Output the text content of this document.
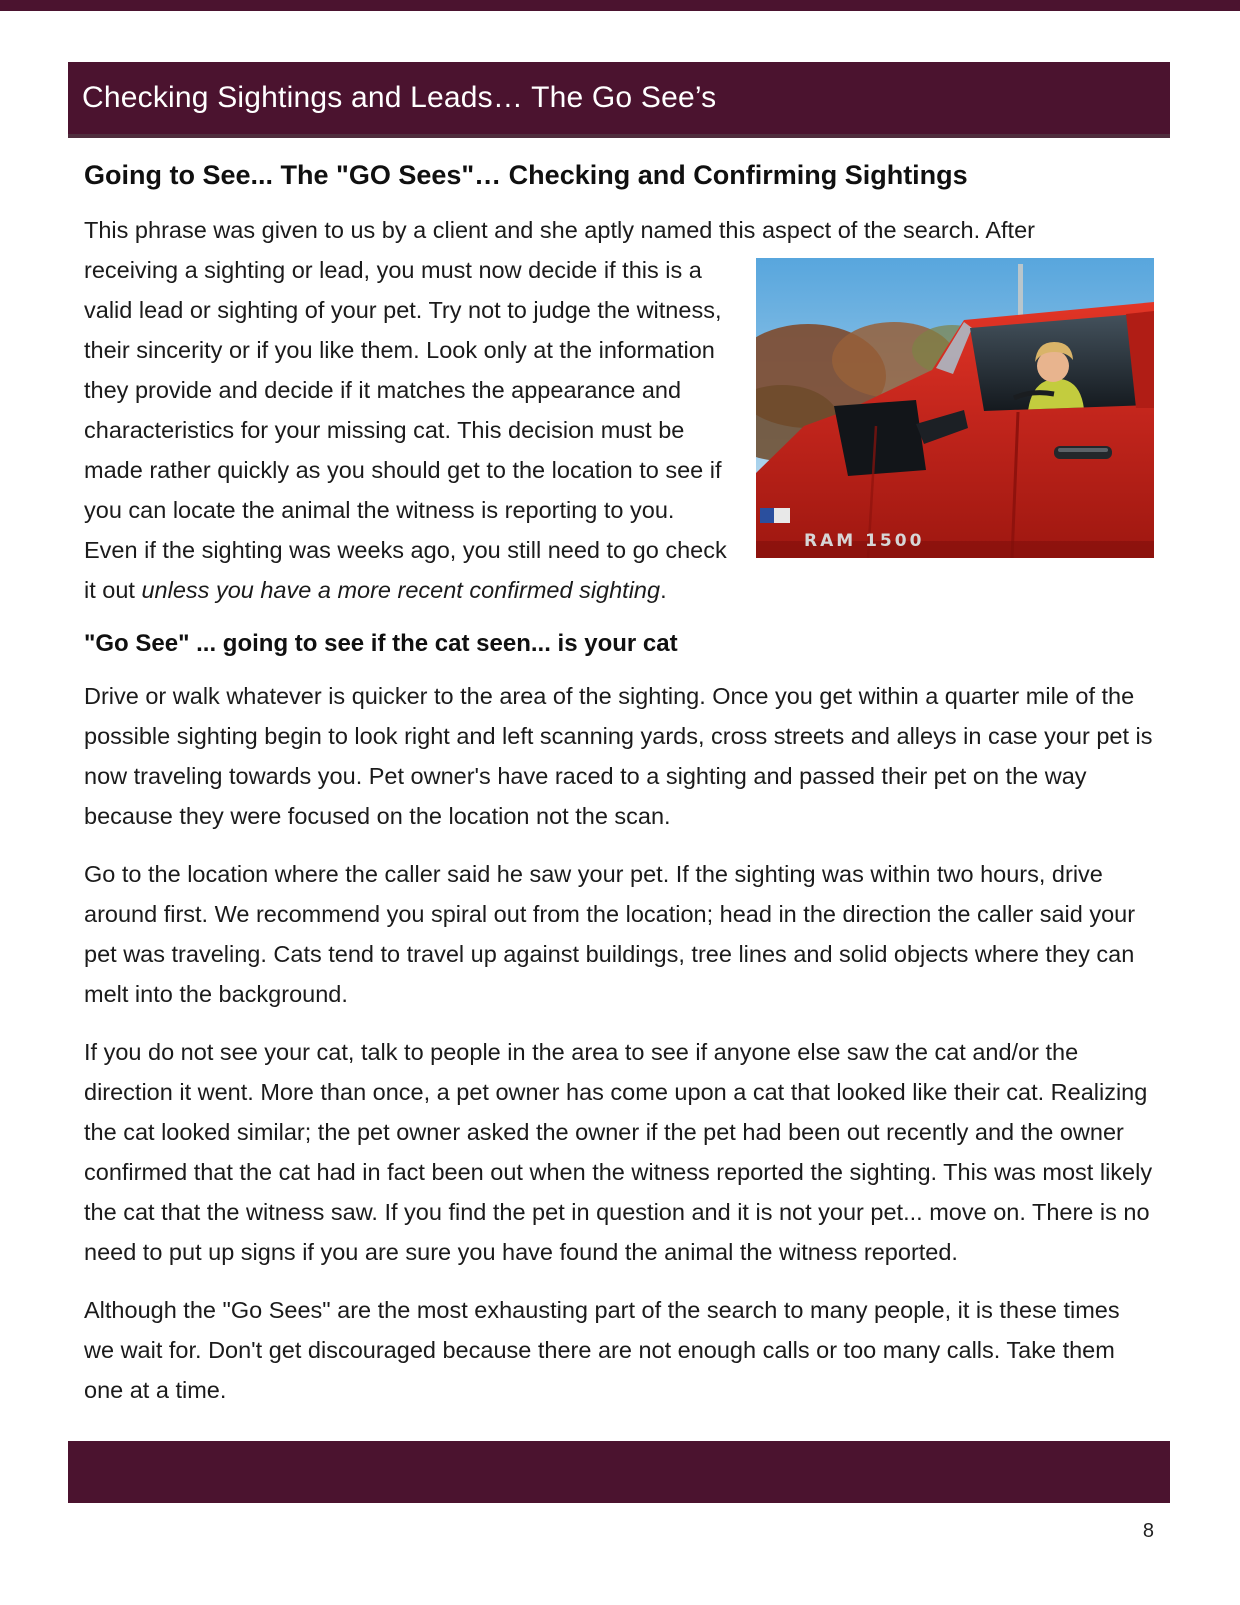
Checking Sightings and Leads… The Go See’s
Going to See... The "GO Sees"… Checking and Confirming Sightings

This phrase was given to us by a client and she aptly named this aspect of the search. After

RAM 1500
receiving a sighting or lead, you must now decide if this is a valid lead or sighting of your pet. Try not to judge the witness, their sincerity or if you like them. Look only at the information they provide and decide if it matches the appearance and characteristics for your missing cat. This decision must be made rather quickly as you should get to the location to see if you can locate the animal the witness is reporting to you. Even if the sighting was weeks ago, you still need to go check it out unless you have a more recent confirmed sighting.

"Go See" ... going to see if the cat seen... is your cat

Drive or walk whatever is quicker to the area of the sighting. Once you get within a quarter mile of the possible sighting begin to look right and left scanning yards, cross streets and alleys in case your pet is now traveling towards you. Pet owner's have raced to a sighting and passed their pet on the way because they were focused on the location not the scan.

Go to the location where the caller said he saw your pet. If the sighting was within two hours, drive around first. We recommend you spiral out from the location; head in the direction the caller said your pet was traveling. Cats tend to travel up against buildings, tree lines and solid objects where they can melt into the background.

If you do not see your cat, talk to people in the area to see if anyone else saw the cat and/or the direction it went. More than once, a pet owner has come upon a cat that looked like their cat. Realizing the cat looked similar; the pet owner asked the owner if the pet had been out recently and the owner confirmed that the cat had in fact been out when the witness reported the sighting. This was most likely the cat that the witness saw. If you find the pet in question and it is not your pet... move on. There is no need to put up signs if you are sure you have found the animal the witness reported.

Although the "Go Sees" are the most exhausting part of the search to many people, it is these times we wait for. Don't get discouraged because there are not enough calls or too many calls. Take them one at a time.

8
